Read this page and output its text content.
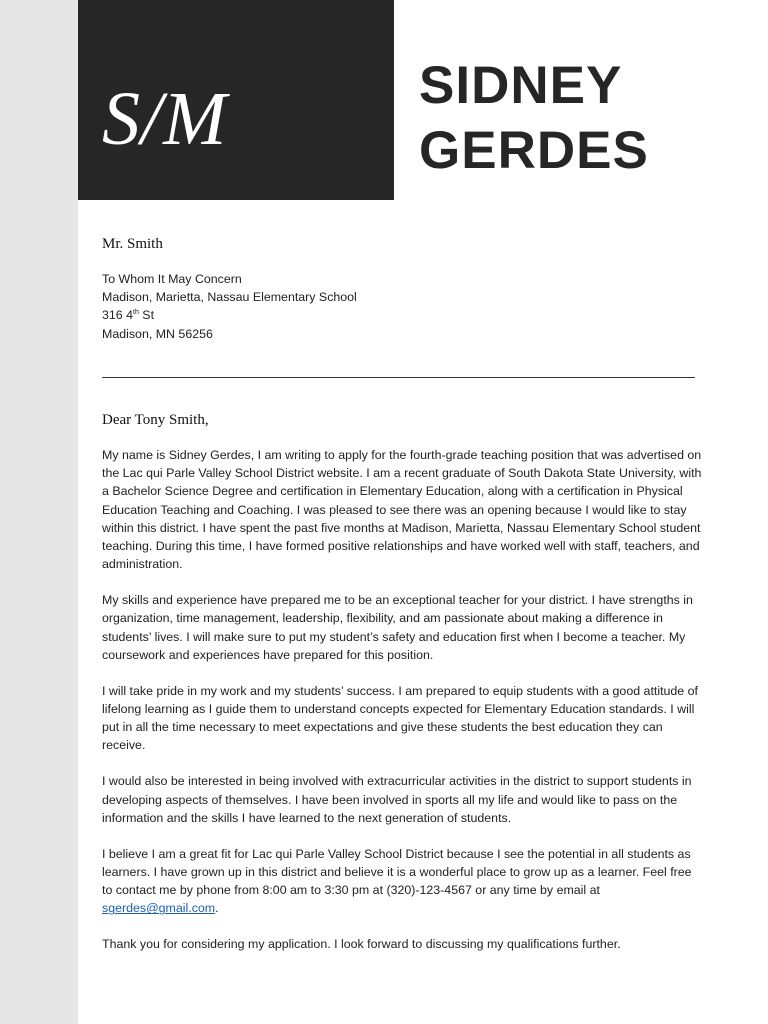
S/M	SIDNEY
GERDES
Mr. Smith
To Whom It May Concern
Madison, Marietta, Nassau Elementary School
316 4th St
Madison, MN 56256
Dear Tony Smith,

My name is Sidney Gerdes, I am writing to apply for the fourth-grade teaching position that was advertised on the Lac qui Parle Valley School District website. I am a recent graduate of South Dakota State University, with a Bachelor Science Degree and certification in Elementary Education, along with a certification in Physical Education Teaching and Coaching. I was pleased to see there was an opening because I would like to stay within this district. I have spent the past five months at Madison, Marietta, Nassau Elementary School student teaching. During this time, I have formed positive relationships and have worked well with staff, teachers, and administration.

My skills and experience have prepared me to be an exceptional teacher for your district. I have strengths in organization, time management, leadership, flexibility, and am passionate about making a difference in students’ lives. I will make sure to put my student’s safety and education first when I become a teacher. My coursework and experiences have prepared for this position.

I will take pride in my work and my students’ success. I am prepared to equip students with a good attitude of lifelong learning as I guide them to understand concepts expected for Elementary Education standards. I will put in all the time necessary to meet expectations and give these students the best education they can receive.

I would also be interested in being involved with extracurricular activities in the district to support students in developing aspects of themselves. I have been involved in sports all my life and would like to pass on the information and the skills I have learned to the next generation of students.

I believe I am a great fit for Lac qui Parle Valley School District because I see the potential in all students as learners. I have grown up in this district and believe it is a wonderful place to grow up as a learner. Feel free to contact me by phone from 8:00 am to 3:30 pm at (320)-123-4567 or any time by email at sgerdes@gmail.com.

Thank you for considering my application. I look forward to discussing my qualifications further.
